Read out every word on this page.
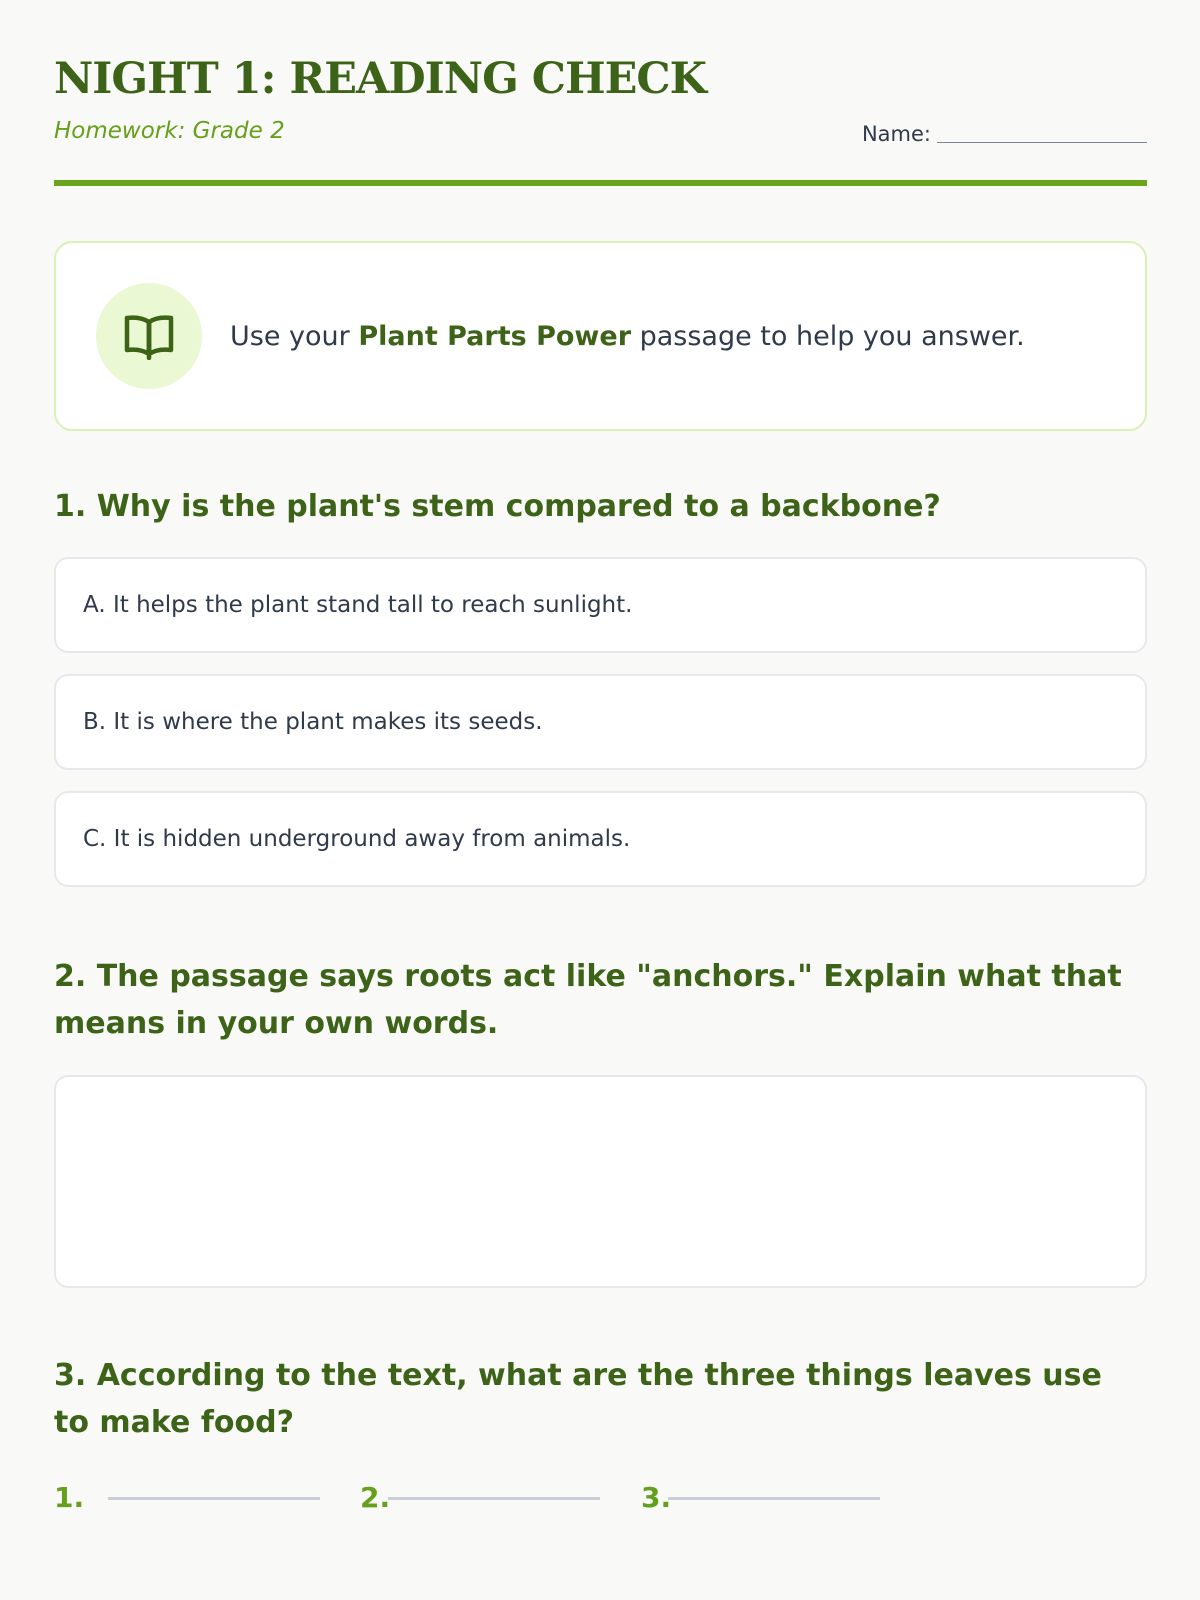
NIGHT 1: READING CHECK
Homework: Grade 2	Name:
Use your Plant Parts Power passage to help you answer.
1. Why is the plant's stem compared to a backbone?
A. It helps the plant stand tall to reach sunlight.
B. It is where the plant makes its seeds.
C. It is hidden underground away from animals.
2. The passage says roots act like "anchors." Explain what that means in your own words.
3. According to the text, what are the three things leaves use to make food?
1.	2.	3.
